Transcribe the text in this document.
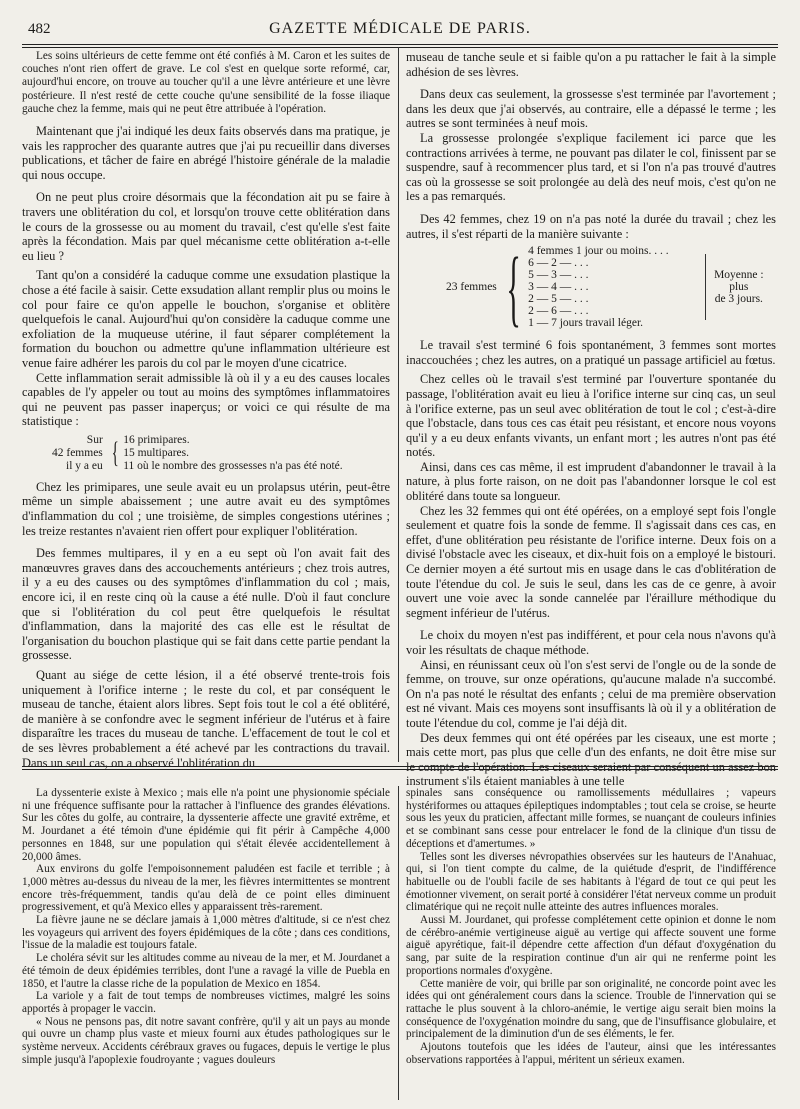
482	GAZETTE MÉDICALE DE PARIS.

Les soins ultérieurs de cette femme ont été confiés à M. Caron et les suites de couches n'ont rien offert de grave. Le col s'est en quelque sorte reformé, car, aujourd'hui encore, on trouve au toucher qu'il a une lèvre antérieure et une lèvre postérieure. Il n'est resté de cette couche qu'une sensibilité de la fosse iliaque gauche chez la femme, mais qui ne peut être attribuée à l'opération.

Maintenant que j'ai indiqué les deux faits observés dans ma pratique, je vais les rapprocher des quarante autres que j'ai pu recueillir dans diverses publications, et tâcher de faire en abrégé l'histoire générale de la maladie qui nous occupe.

On ne peut plus croire désormais que la fécondation ait pu se faire à travers une oblitération du col, et lorsqu'on trouve cette oblitération dans le cours de la grossesse ou au moment du travail, c'est qu'elle s'est faite après la fécondation. Mais par quel mécanisme cette oblitération a-t-elle eu lieu ?

Tant qu'on a considéré la caduque comme une exsudation plastique la chose a été facile à saisir. Cette exsudation allant remplir plus ou moins le col pour faire ce qu'on appelle le bouchon, s'organise et oblitère quelquefois le canal. Aujourd'hui qu'on considère la caduque comme une exfoliation de la muqueuse utérine, il faut séparer complétement la formation du bouchon ou admettre qu'une inflammation ultérieure est venue faire adhérer les parois du col par le moyen d'une cicatrice.

Cette inflammation serait admissible là où il y a eu des causes locales capables de l'y appeler ou tout au moins des symptômes inflammatoires qui ne peuvent pas passer inaperçus; or voici ce qui résulte de ma statistique :

Sur
42 femmes
il y a eu { 16 primipares.
15 multipares.
11 où le nombre des grossesses n'a pas été noté.

Chez les primipares, une seule avait eu un prolapsus utérin, peut-être même un simple abaissement ; une autre avait eu des symptômes d'inflammation du col ; une troisième, de simples congestions utérines ; les treize restantes n'avaient rien offert pour expliquer l'oblitération.

Des femmes multipares, il y en a eu sept où l'on avait fait des manœuvres graves dans des accouchements antérieurs ; chez trois autres, il y a eu des causes ou des symptômes d'inflammation du col ; mais, encore ici, il en reste cinq où la cause a été nulle. D'où il faut conclure que si l'oblitération du col peut être quelquefois le résultat d'inflammation, dans la majorité des cas elle est le résultat de l'organisation du bouchon plastique qui se fait dans cette partie pendant la grossesse.

Quant au siége de cette lésion, il a été observé trente-trois fois uniquement à l'orifice interne ; le reste du col, et par conséquent le museau de tanche, étaient alors libres. Sept fois tout le col a été oblitéré, de manière à se confondre avec le segment inférieur de l'utérus et à faire disparaître les traces du museau de tanche. L'effacement de tout le col et de ses lèvres probablement a été achevé par les contractions du travail. Dans un seul cas, on a observé l'oblitération du

museau de tanche seule et si faible qu'on a pu rattacher le fait à la simple adhésion de ses lèvres.

Dans deux cas seulement, la grossesse s'est terminée par l'avortement ; dans les deux que j'ai observés, au contraire, elle a dépassé le terme ; les autres se sont terminées à neuf mois.

La grossesse prolongée s'explique facilement ici parce que les contractions arrivées à terme, ne pouvant pas dilater le col, finissent par se suspendre, sauf à recommencer plus tard, et si l'on n'a pas trouvé d'autres cas où la grossesse se soit prolongée au delà des neuf mois, c'est qu'on ne les a pas remarqués.

Des 42 femmes, chez 19 on n'a pas noté la durée du travail ; chez les autres, il s'est réparti de la manière suivante :

23 femmes { 4 femmes 1 jour ou moins. . . .
6 — 2 — . . .
5 — 3 — . . .
3 — 4 — . . .
2 — 5 — . . .
2 — 6 — . . .
1 — 7 jours travail léger.
Moyenne :
plus
de 3 jours.

Le travail s'est terminé 6 fois spontanément, 3 femmes sont mortes inaccouchées ; chez les autres, on a pratiqué un passage artificiel au fœtus.

Chez celles où le travail s'est terminé par l'ouverture spontanée du passage, l'oblitération avait eu lieu à l'orifice interne sur cinq cas, un seul à l'orifice externe, pas un seul avec oblitération de tout le col ; c'est-à-dire que l'obstacle, dans tous ces cas était peu résistant, et encore nous voyons qu'il y a eu deux enfants vivants, un enfant mort ; les autres n'ont pas été notés.

Ainsi, dans ces cas même, il est imprudent d'abandonner le travail à la nature, à plus forte raison, on ne doit pas l'abandonner lorsque le col est oblitéré dans toute sa longueur.

Chez les 32 femmes qui ont été opérées, on a employé sept fois l'ongle seulement et quatre fois la sonde de femme. Il s'agissait dans ces cas, en effet, d'une oblitération peu résistante de l'orifice interne. Deux fois on a divisé l'obstacle avec les ciseaux, et dix-huit fois on a employé le bistouri. Ce dernier moyen a été surtout mis en usage dans le cas d'oblitération de toute l'étendue du col. Je suis le seul, dans les cas de ce genre, à avoir ouvert une voie avec la sonde cannelée par l'éraillure méthodique du segment inférieur de l'utérus.

Le choix du moyen n'est pas indifférent, et pour cela nous n'avons qu'à voir les résultats de chaque méthode.

Ainsi, en réunissant ceux où l'on s'est servi de l'ongle ou de la sonde de femme, on trouve, sur onze opérations, qu'aucune malade n'a succombé. On n'a pas noté le résultat des enfants ; celui de ma première observation est né vivant. Mais ces moyens sont insuffisants là où il y a oblitération de toute l'étendue du col, comme je l'ai déjà dit.

Des deux femmes qui ont été opérées par les ciseaux, une est morte ; mais cette mort, pas plus que celle d'un des enfants, ne doit être mise sur le compte de l'opération. Les ciseaux seraient par conséquent un assez bon instrument s'ils étaient maniables à une telle

La dyssenterie existe à Mexico ; mais elle n'a point une physionomie spéciale ni une fréquence suffisante pour la rattacher à l'influence des grandes élévations. Sur les côtes du golfe, au contraire, la dyssenterie affecte une gravité extrême, et M. Jourdanet a été témoin d'une épidémie qui fit périr à Campêche 4,000 personnes en 1848, sur une population qui s'était élevée accidentellement à 20,000 âmes.

Aux environs du golfe l'empoisonnement paludéen est facile et terrible ; à 1,000 mètres au-dessus du niveau de la mer, les fièvres intermittentes se montrent encore très-fréquemment, tandis qu'au delà de ce point elles diminuent progressivement, et qu'à Mexico elles y apparaissent très-rarement.

La fièvre jaune ne se déclare jamais à 1,000 mètres d'altitude, si ce n'est chez les voyageurs qui arrivent des foyers épidémiques de la côte ; dans ces conditions, l'issue de la maladie est toujours fatale.

Le choléra sévit sur les altitudes comme au niveau de la mer, et M. Jourdanet a été témoin de deux épidémies terribles, dont l'une a ravagé la ville de Puebla en 1850, et l'autre la classe riche de la population de Mexico en 1854.

La variole y a fait de tout temps de nombreuses victimes, malgré les soins apportés à propager le vaccin.

« Nous ne pensons pas, dit notre savant confrère, qu'il y ait un pays au monde qui ouvre un champ plus vaste et mieux fourni aux études pathologiques sur le système nerveux. Accidents cérébraux graves ou fugaces, depuis le vertige le plus simple jusqu'à l'apoplexie foudroyante ; vagues douleurs

spinales sans conséquence ou ramollissements médullaires ; vapeurs hystériformes ou attaques épileptiques indomptables ; tout cela se croise, se heurte sous les yeux du praticien, affectant mille formes, se nuançant de couleurs infinies et se combinant sans cesse pour entrelacer le fond de la clinique d'un tissu de déceptions et d'amertumes. »

Telles sont les diverses névropathies observées sur les hauteurs de l'Anahuac, qui, si l'on tient compte du calme, de la quiétude d'esprit, de l'indifférence habituelle ou de l'oubli facile de ses habitants à l'égard de tout ce qui peut les émotionner vivement, on serait porté à considérer l'état nerveux comme un produit climatérique qui ne reçoit nulle atteinte des autres influences morales.

Aussi M. Jourdanet, qui professe complétement cette opinion et donne le nom de cérébro-anémie vertigineuse aiguë au vertige qui affecte souvent une forme aiguë apyrétique, fait-il dépendre cette affection d'un défaut d'oxygénation du sang, par suite de la respiration continue d'un air qui ne renferme point les proportions normales d'oxygène.

Cette manière de voir, qui brille par son originalité, ne concorde point avec les idées qui ont généralement cours dans la science. Trouble de l'innervation qui se rattache le plus souvent à la chloro-anémie, le vertige aigu serait bien moins la conséquence de l'oxygénation moindre du sang, que de l'insuffisance globulaire, et principalement de la diminution d'un de ses éléments, le fer.

Ajoutons toutefois que les idées de l'auteur, ainsi que les intéressantes observations rapportées à l'appui, méritent un sérieux examen.
